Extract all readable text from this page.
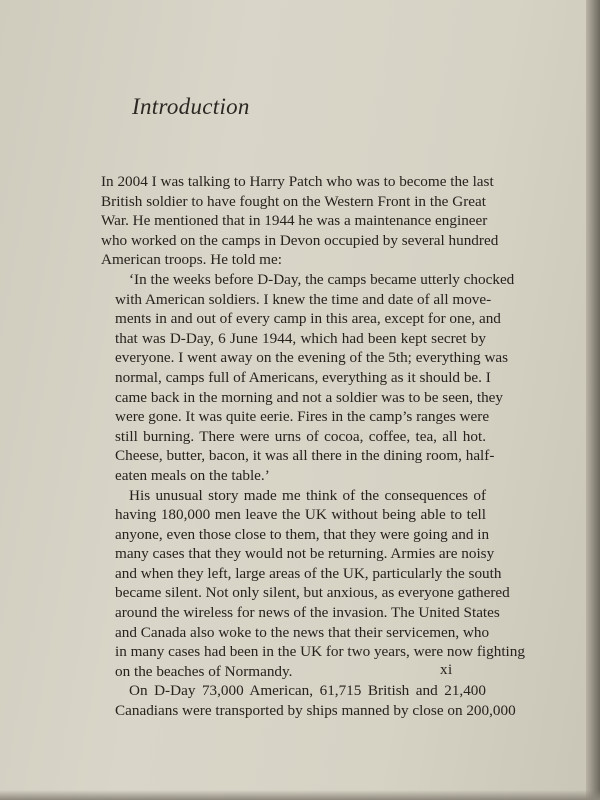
Introduction
In 2004 I was talking to Harry Patch who was to become the last
British soldier to have fought on the Western Front in the Great
War. He mentioned that in 1944 he was a maintenance engineer
who worked on the camps in Devon occupied by several hundred
American troops. He told me:
‘In the weeks before D-Day, the camps became utterly chocked
with American soldiers. I knew the time and date of all move-
ments in and out of every camp in this area, except for one, and
that was D-Day, 6 June 1944, which had been kept secret by
everyone. I went away on the evening of the 5th; everything was
normal, camps full of Americans, everything as it should be. I
came back in the morning and not a soldier was to be seen, they
were gone. It was quite eerie. Fires in the camp’s ranges were
still burning. There were urns of cocoa, coffee, tea, all hot.
Cheese, butter, bacon, it was all there in the dining room, half-
eaten meals on the table.’
His unusual story made me think of the consequences of
having 180,000 men leave the UK without being able to tell
anyone, even those close to them, that they were going and in
many cases that they would not be returning. Armies are noisy
and when they left, large areas of the UK, particularly the south
became silent. Not only silent, but anxious, as everyone gathered
around the wireless for news of the invasion. The United States
and Canada also woke to the news that their servicemen, who
in many cases had been in the UK for two years, were now fighting
on the beaches of Normandy.
On D-Day 73,000 American, 61,715 British and 21,400
Canadians were transported by ships manned by close on 200,000
xi
